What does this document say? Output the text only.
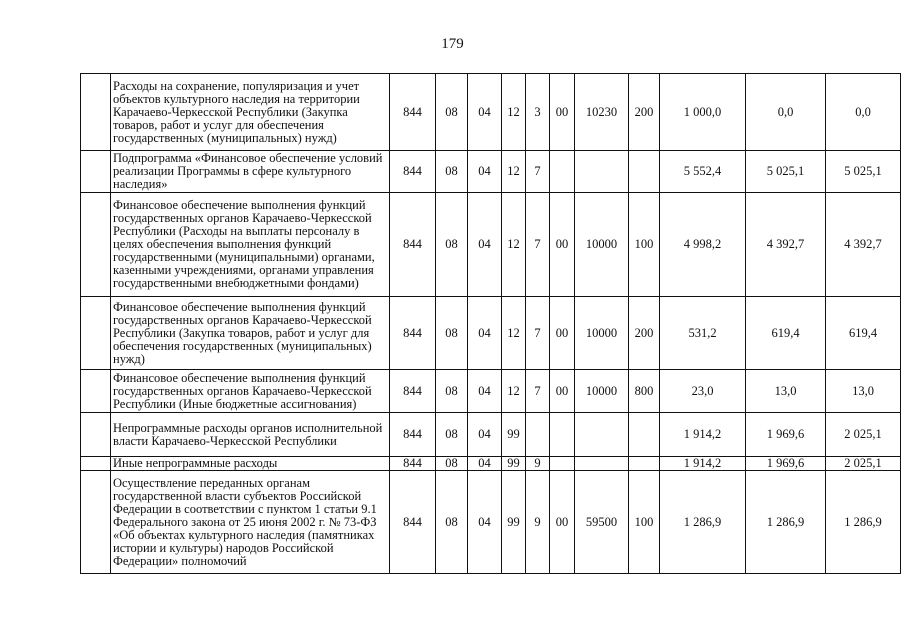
179
	Расходы на сохранение, популяризация и учет объектов культурного наследия на территории Карачаево-Черкесской Республики (Закупка товаров, работ и услуг для обеспечения государственных (муниципальных) нужд)	844	08	04	12	3	00	10230	200	1 000,0	0,0	0,0
	Подпрограмма «Финансовое обеспечение условий реализации Программы в сфере культурного наследия»	844	08	04	12	7				5 552,4	5 025,1	5 025,1
	Финансовое обеспечение выполнения функций государственных органов Карачаево-Черкесской Республики (Расходы на выплаты персоналу в целях обеспечения выполнения функций государственными (муниципальными) органами, казенными учреждениями, органами управления государственными внебюджетными фондами)	844	08	04	12	7	00	10000	100	4 998,2	4 392,7	4 392,7
	Финансовое обеспечение выполнения функций государственных органов Карачаево-Черкесской Республики (Закупка товаров, работ и услуг для обеспечения государственных (муниципальных) нужд)	844	08	04	12	7	00	10000	200	531,2	619,4	619,4
	Финансовое обеспечение выполнения функций государственных органов Карачаево-Черкесской Республики (Иные бюджетные ассигнования)	844	08	04	12	7	00	10000	800	23,0	13,0	13,0
	Непрограммные расходы органов исполнительной власти Карачаево-Черкесской Республики	844	08	04	99					1 914,2	1 969,6	2 025,1
	Иные непрограммные расходы	844	08	04	99	9				1 914,2	1 969,6	2 025,1
	Осуществление переданных органам государственной власти субъектов Российской Федерации в соответствии с пунктом 1 статьи 9.1 Федерального закона от 25 июня 2002 г. № 73-ФЗ «Об объектах культурного наследия (памятниках истории и культуры) народов Российской Федерации» полномочий	844	08	04	99	9	00	59500	100	1 286,9	1 286,9	1 286,9
